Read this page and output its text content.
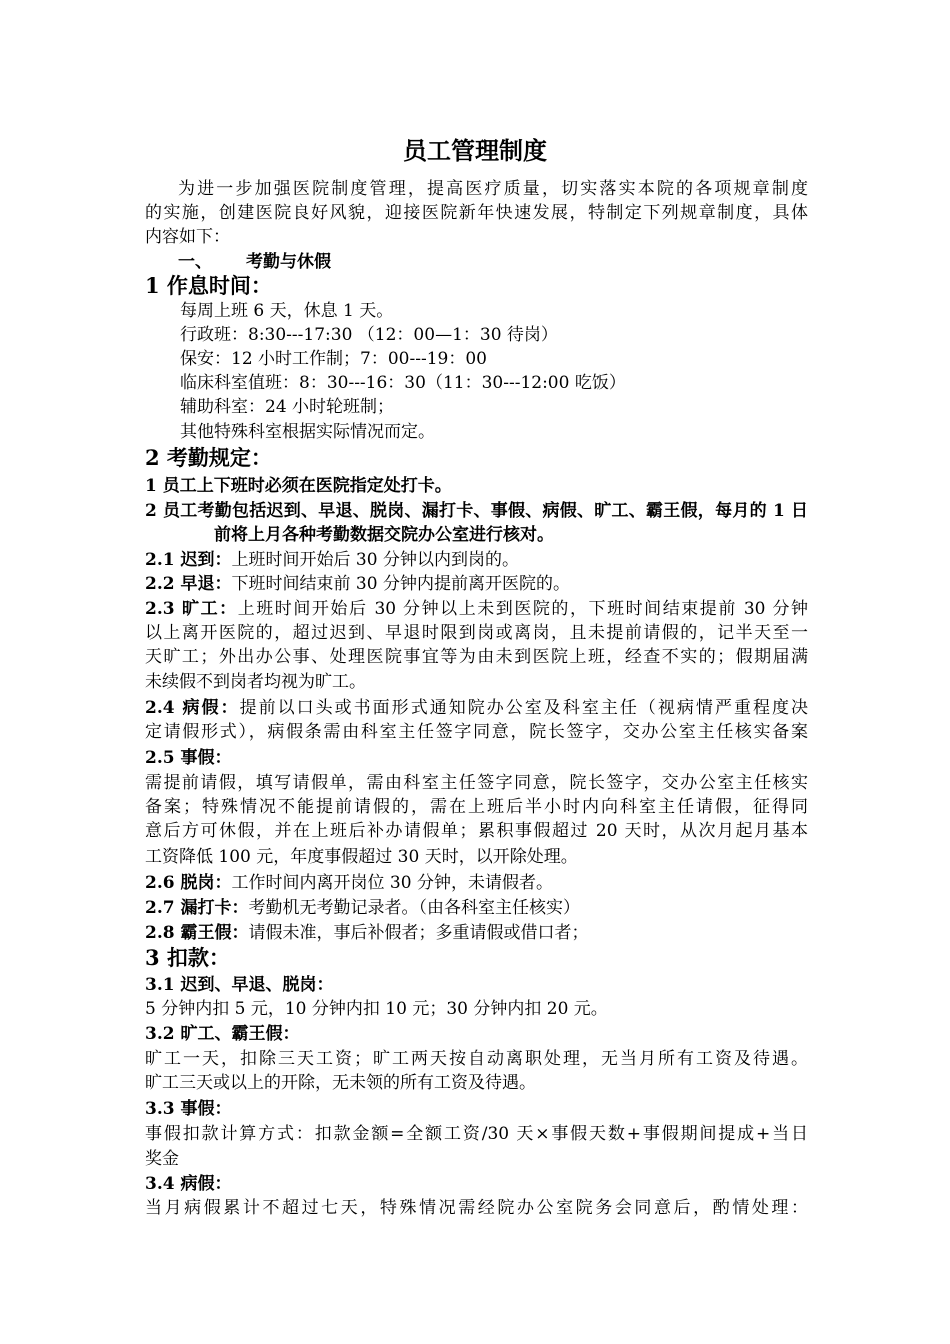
员工管理制度
为进一步加强医院制度管理，提高医疗质量，切实落实本院的各项规章制度
的实施，创建医院良好风貌，迎接医院新年快速发展，特制定下列规章制度，具体
内容如下：
一、 考勤与休假
1 作息时间：
每周上班 6 天，休息 1 天。
行政班：8:30---17:30 （12：00—1：30 待岗）
保安：12 小时工作制；7：00---19：00
临床科室值班：8：30---16：30（11：30---12:00 吃饭）
辅助科室：24 小时轮班制；
其他特殊科室根据实际情况而定。
2 考勤规定：
1 员工上下班时必须在医院指定处打卡。
2 员工考勤包括迟到、早退、脱岗、漏打卡、事假、病假、旷工、霸王假，每月的 1 日
前将上月各种考勤数据交院办公室进行核对。
2.1 迟到：上班时间开始后 30 分钟以内到岗的。
2.2 早退：下班时间结束前 30 分钟内提前离开医院的。
2.3 旷工：上班时间开始后 30 分钟以上未到医院的，下班时间结束提前 30 分钟
以上离开医院的，超过迟到、早退时限到岗或离岗，且未提前请假的，记半天至一
天旷工；外出办公事、处理医院事宜等为由未到医院上班，经查不实的；假期届满
未续假不到岗者均视为旷工。
2.4 病假：提前以口头或书面形式通知院办公室及科室主任（视病情严重程度决
定请假形式），病假条需由科室主任签字同意，院长签字，交办公室主任核实备案
2.5 事假：
需提前请假，填写请假单，需由科室主任签字同意，院长签字，交办公室主任核实
备案；特殊情况不能提前请假的，需在上班后半小时内向科室主任请假，征得同
意后方可休假，并在上班后补办请假单；累积事假超过 20 天时，从次月起月基本
工资降低 100 元，年度事假超过 30 天时，以开除处理。
2.6 脱岗：工作时间内离开岗位 30 分钟，未请假者。
2.7 漏打卡：考勤机无考勤记录者。（由各科室主任核实）
2.8 霸王假：请假未准，事后补假者；多重请假或借口者；
3 扣款：
3.1 迟到、早退、脱岗：
5 分钟内扣 5 元，10 分钟内扣 10 元；30 分钟内扣 20 元。
3.2 旷工、霸王假：
旷工一天，扣除三天工资；旷工两天按自动离职处理，无当月所有工资及待遇。
旷工三天或以上的开除，无未领的所有工资及待遇。
3.3 事假：
事假扣款计算方式：扣款金额=全额工资/30 天×事假天数+事假期间提成+当日
奖金
3.4 病假：
当月病假累计不超过七天，特殊情况需经院办公室院务会同意后，酌情处理：
